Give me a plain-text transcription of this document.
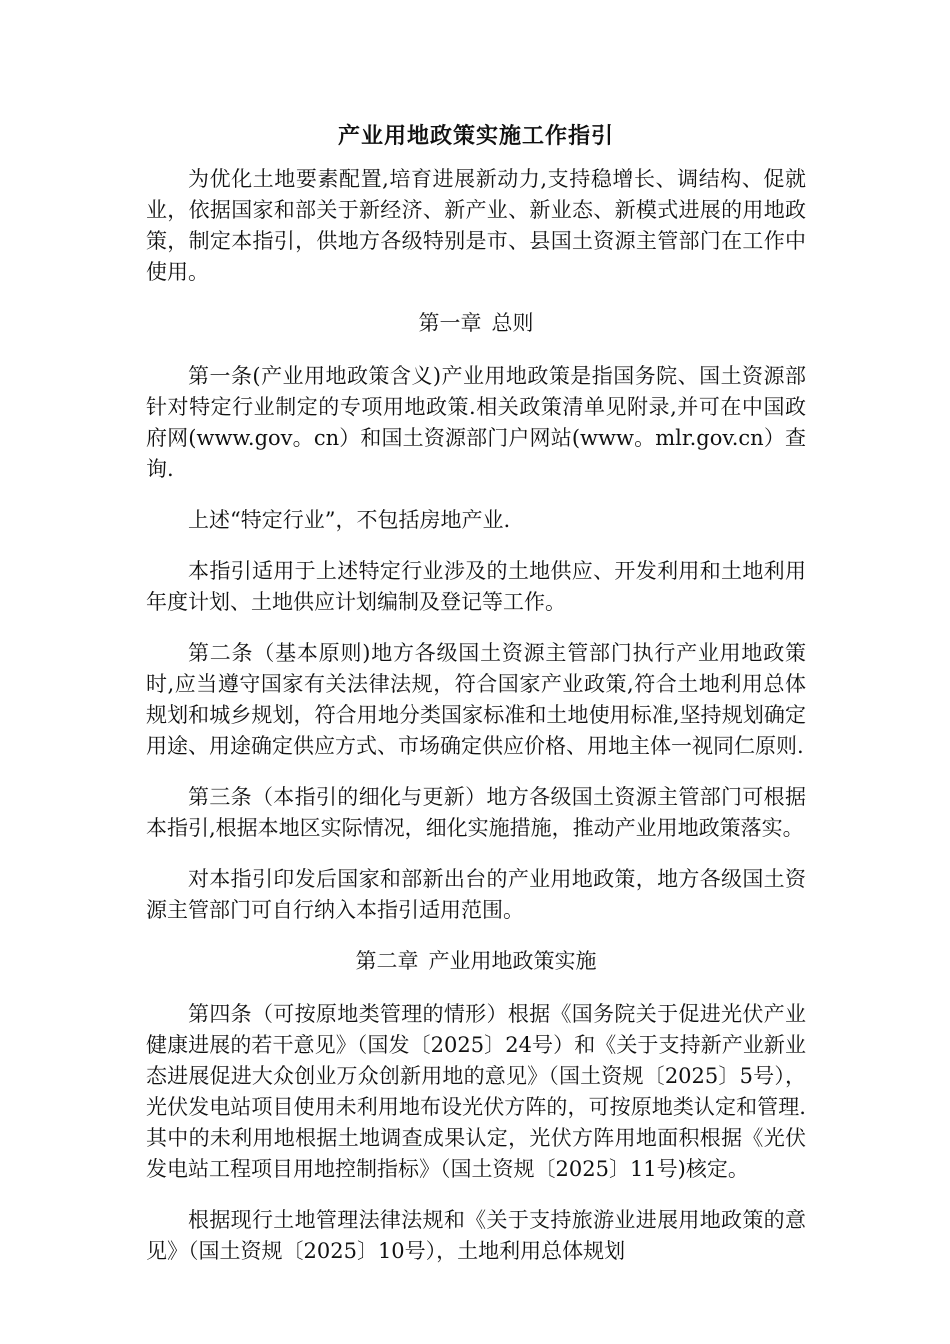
产业用地政策实施工作指引

为优化土地要素配置,培育进展新动力,支持稳增长、调结构、促就业，依据国家和部关于新经济、新产业、新业态、新模式进展的用地政策，制定本指引，供地方各级特别是市、县国土资源主管部门在工作中使用。

第一章 总则

第一条(产业用地政策含义)产业用地政策是指国务院、国土资源部针对特定行业制定的专项用地政策.相关政策清单见附录,并可在中国政府网(www.gov。cn）和国土资源部门户网站(www。mlr.gov.cn）查询.

上述“特定行业”，不包括房地产业.

本指引适用于上述特定行业涉及的土地供应、开发利用和土地利用年度计划、土地供应计划编制及登记等工作。

第二条（基本原则)地方各级国土资源主管部门执行产业用地政策时,应当遵守国家有关法律法规，符合国家产业政策,符合土地利用总体规划和城乡规划，符合用地分类国家标准和土地使用标准,坚持规划确定用途、用途确定供应方式、市场确定供应价格、用地主体一视同仁原则.

第三条（本指引的细化与更新）地方各级国土资源主管部门可根据本指引,根据本地区实际情况，细化实施措施，推动产业用地政策落实。

对本指引印发后国家和部新出台的产业用地政策，地方各级国土资源主管部门可自行纳入本指引适用范围。

第二章 产业用地政策实施

第四条（可按原地类管理的情形）根据《国务院关于促进光伏产业健康进展的若干意见》（国发〔2025〕24号）和《关于支持新产业新业态进展促进大众创业万众创新用地的意见》（国土资规〔2025〕5号），光伏发电站项目使用未利用地布设光伏方阵的，可按原地类认定和管理.其中的未利用地根据土地调查成果认定，光伏方阵用地面积根据《光伏发电站工程项目用地控制指标》（国土资规〔2025〕11号)核定。

根据现行土地管理法律法规和《关于支持旅游业进展用地政策的意见》（国土资规〔2025〕10号），土地利用总体规划
